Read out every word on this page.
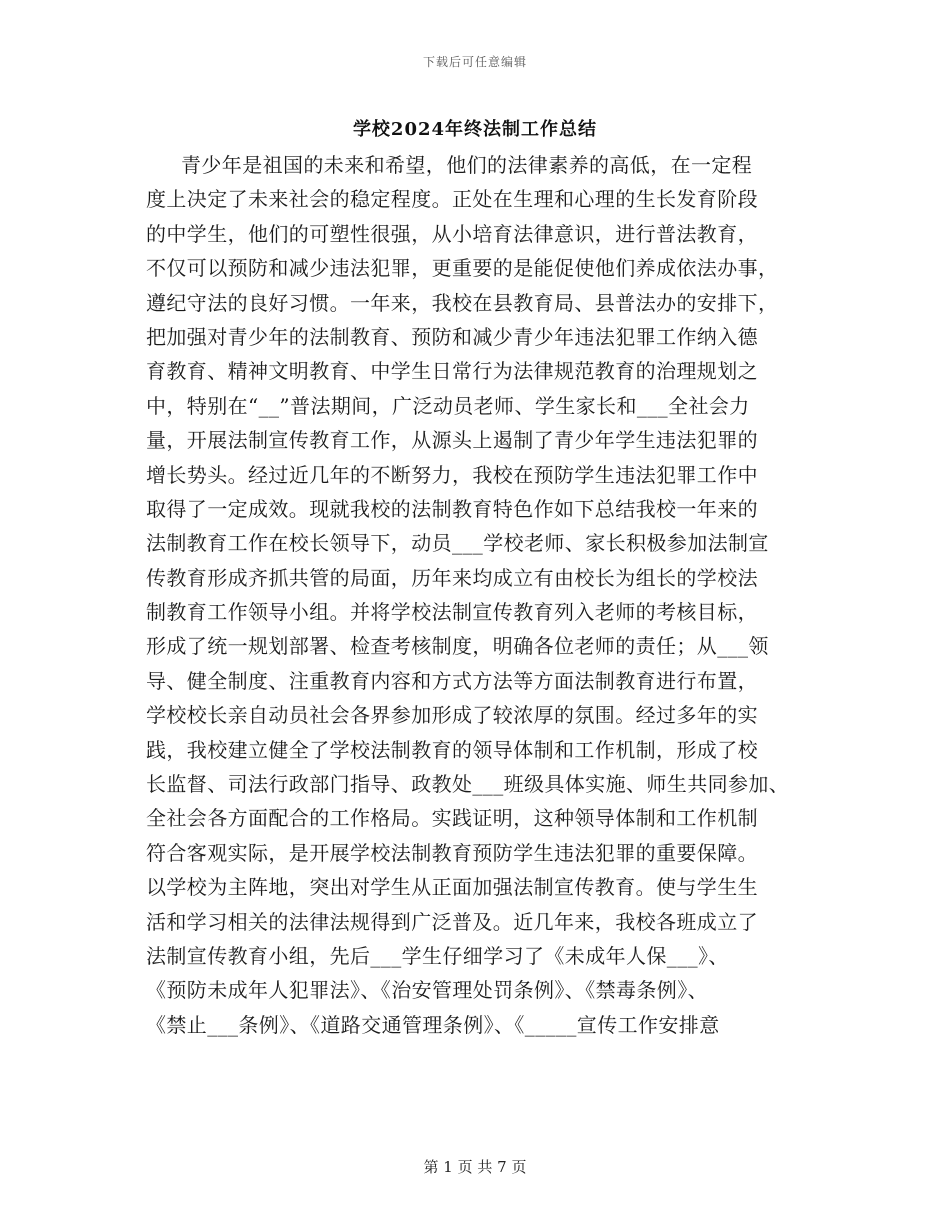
下载后可任意编辑
学校2024年终法制工作总结
青少年是祖国的未来和希望，他们的法律素养的高低，在一定程
度上决定了未来社会的稳定程度。正处在生理和心理的生长发育阶段
的中学生，他们的可塑性很强，从小培育法律意识，进行普法教育，
不仅可以预防和减少违法犯罪，更重要的是能促使他们养成依法办事，
遵纪守法的良好习惯。一年来，我校在县教育局、县普法办的安排下，
把加强对青少年的法制教育、预防和减少青少年违法犯罪工作纳入德
育教育、精神文明教育、中学生日常行为法律规范教育的治理规划之
中，特别在“__”普法期间，广泛动员老师、学生家长和___全社会力
量，开展法制宣传教育工作，从源头上遏制了青少年学生违法犯罪的
增长势头。经过近几年的不断努力，我校在预防学生违法犯罪工作中
取得了一定成效。现就我校的法制教育特色作如下总结我校一年来的
法制教育工作在校长领导下，动员___学校老师、家长积极参加法制宣
传教育形成齐抓共管的局面，历年来均成立有由校长为组长的学校法
制教育工作领导小组。并将学校法制宣传教育列入老师的考核目标，
形成了统一规划部署、检查考核制度，明确各位老师的责任；从___领
导、健全制度、注重教育内容和方式方法等方面法制教育进行布置，
学校校长亲自动员社会各界参加形成了较浓厚的氛围。经过多年的实
践，我校建立健全了学校法制教育的领导体制和工作机制，形成了校
长监督、司法行政部门指导、政教处___班级具体实施、师生共同参加、
全社会各方面配合的工作格局。实践证明，这种领导体制和工作机制
符合客观实际，是开展学校法制教育预防学生违法犯罪的重要保障。
以学校为主阵地，突出对学生从正面加强法制宣传教育。使与学生生
活和学习相关的法律法规得到广泛普及。近几年来，我校各班成立了
法制宣传教育小组，先后___学生仔细学习了《未成年人保___》、
《预防未成年人犯罪法》、《治安管理处罚条例》、《禁毒条例》、
《禁止___条例》、《道路交通管理条例》、《_____宣传工作安排意
第 1 页 共 7 页
